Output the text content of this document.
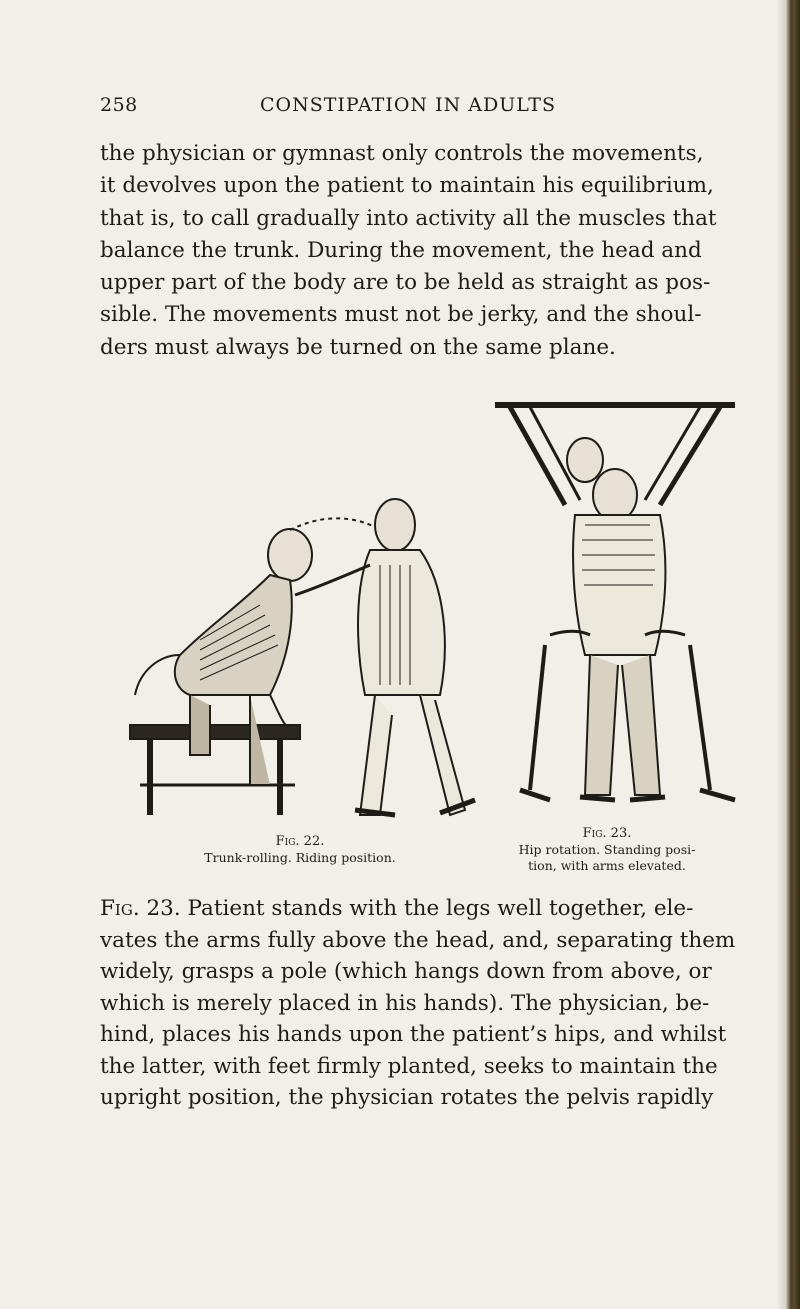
258	CONSTIPATION IN ADULTS
the physician or gymnast only controls the movements,
it devolves upon the patient to maintain his equilibrium,
that is, to call gradually into activity all the muscles that
balance the trunk. During the movement, the head and
upper part of the body are to be held as straight as pos-
sible. The movements must not be jerky, and the shoul-
ders must always be turned on the same plane.
Fig. 22.
Trunk-rolling. Riding position.
Fig. 23.
Hip rotation. Standing posi-
tion, with arms elevated.
Fig. 23. Patient stands with the legs well together, ele-
vates the arms fully above the head, and, separating them
widely, grasps a pole (which hangs down from above, or
which is merely placed in his hands). The physician, be-
hind, places his hands upon the patient’s hips, and whilst
the latter, with feet firmly planted, seeks to maintain the
upright position, the physician rotates the pelvis rapidly
